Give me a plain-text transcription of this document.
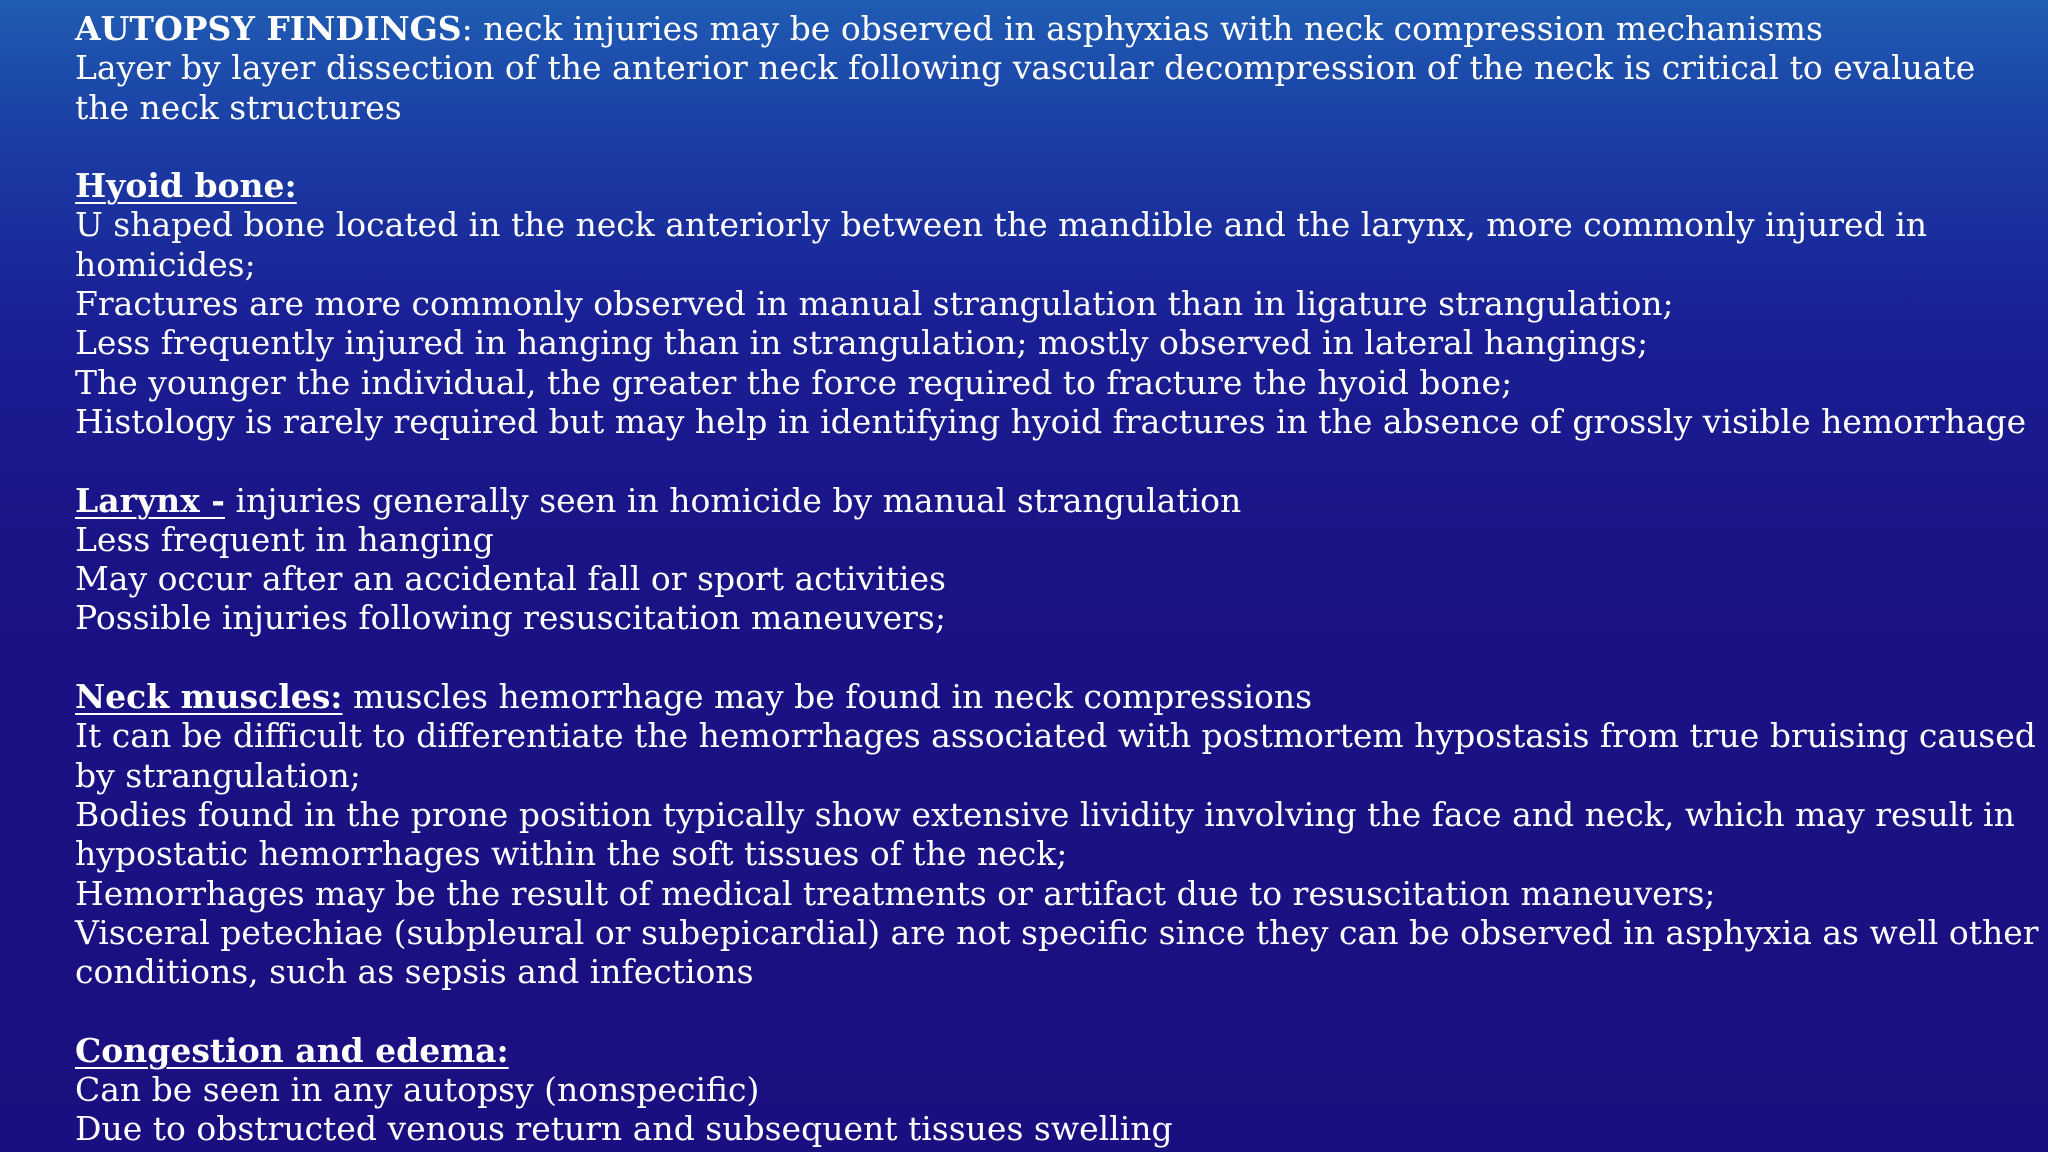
AUTOPSY FINDINGS: neck injuries may be observed in asphyxias with neck compression mechanisms
Layer by layer dissection of the anterior neck following vascular decompression of the neck is critical to evaluate
the neck structures
Hyoid bone:
U shaped bone located in the neck anteriorly between the mandible and the larynx, more commonly injured in
homicides;
Fractures are more commonly observed in manual strangulation than in ligature strangulation;
Less frequently injured in hanging than in strangulation; mostly observed in lateral hangings;
The younger the individual, the greater the force required to fracture the hyoid bone;
Histology is rarely required but may help in identifying hyoid fractures in the absence of grossly visible hemorrhage
Larynx - injuries generally seen in homicide by manual strangulation
Less frequent in hanging
May occur after an accidental fall or sport activities
Possible injuries following resuscitation maneuvers;
Neck muscles: muscles hemorrhage may be found in neck compressions
It can be difficult to differentiate the hemorrhages associated with postmortem hypostasis from true bruising caused
by strangulation;
Bodies found in the prone position typically show extensive lividity involving the face and neck, which may result in
hypostatic hemorrhages within the soft tissues of the neck;
Hemorrhages may be the result of medical treatments or artifact due to resuscitation maneuvers;
Visceral petechiae (subpleural or subepicardial) are not specific since they can be observed in asphyxia as well other
conditions, such as sepsis and infections
Congestion and edema:
Can be seen in any autopsy (nonspecific)
Due to obstructed venous return and subsequent tissues swelling
